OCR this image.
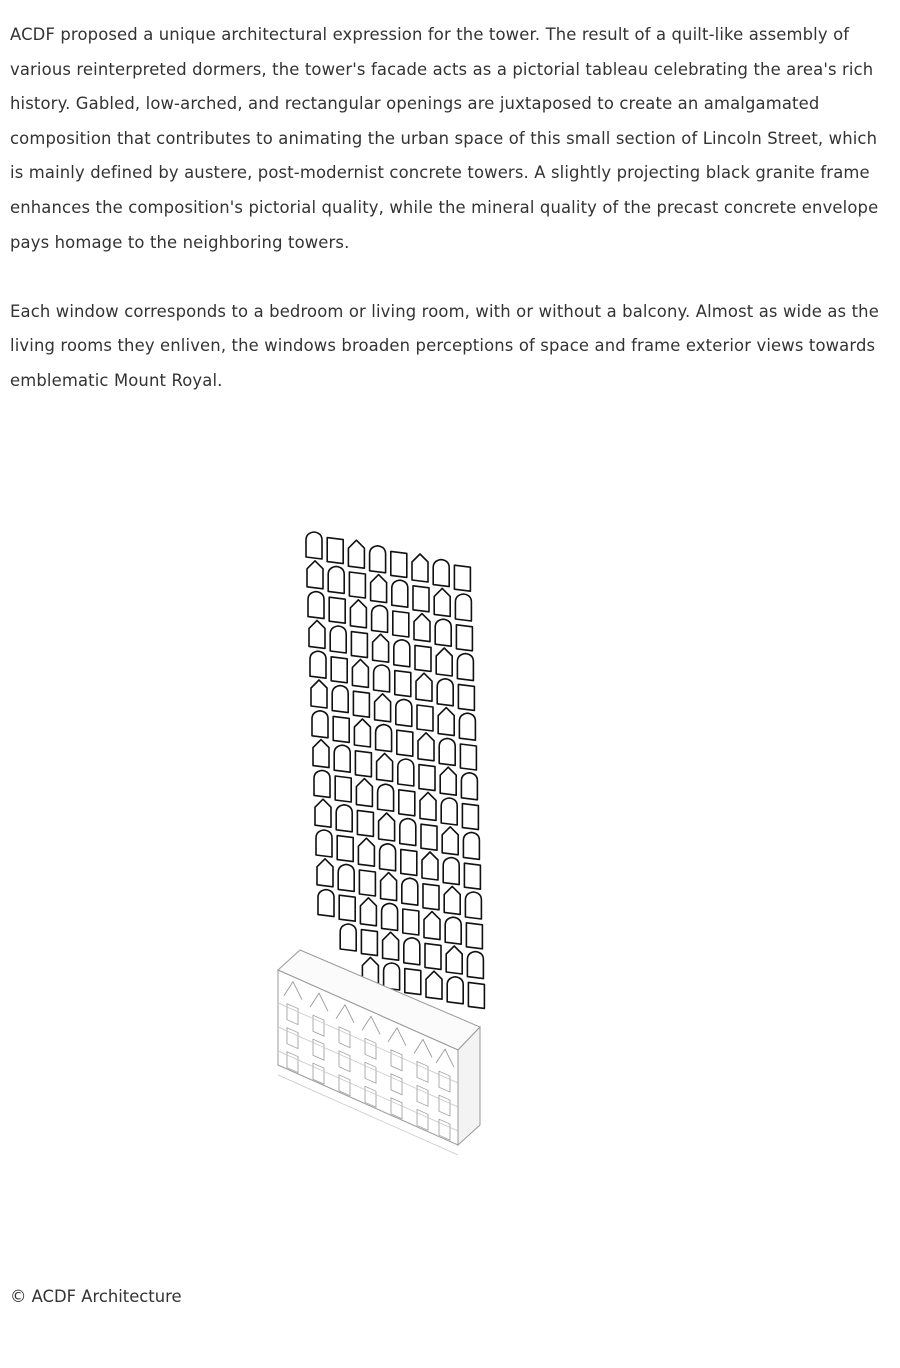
ACDF proposed a unique architectural expression for the tower. The result of a quilt-like assembly of various reinterpreted dormers, the tower's facade acts as a pictorial tableau celebrating the area's rich history. Gabled, low-arched, and rectangular openings are juxtaposed to create an amalgamated composition that contributes to animating the urban space of this small section of Lincoln Street, which is mainly defined by austere, post-modernist concrete towers. A slightly projecting black granite frame enhances the composition's pictorial quality, while the mineral quality of the precast concrete envelope pays homage to the neighboring towers.

Each window corresponds to a bedroom or living room, with or without a balcony. Almost as wide as the living rooms they enliven, the windows broaden perceptions of space and frame exterior views towards emblematic Mount Royal.

© ACDF Architecture
